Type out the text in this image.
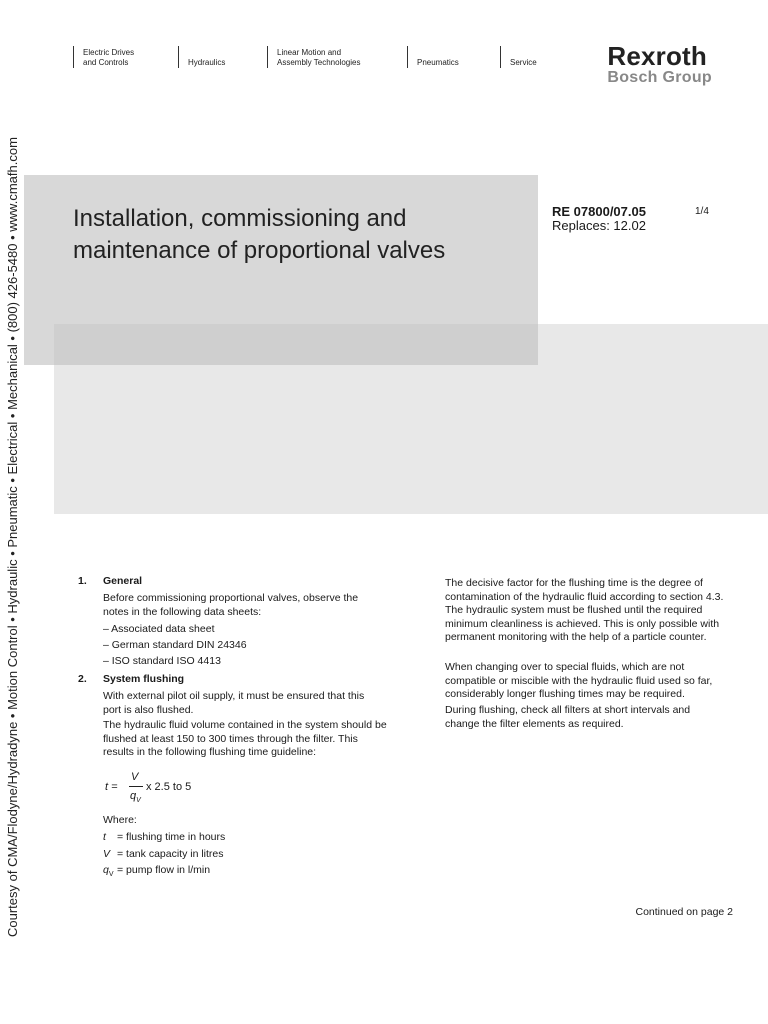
Electric Drives
and Controls	Hydraulics
Linear Motion and
Assembly Technologies	Pneumatics	Service	Rexroth
Bosch Group
Courtesy of CMA/Flodyne/Hydradyne • Motion Control • Hydraulic • Pneumatic • Electrical • Mechanical • (800) 426-5480 • www.cmafh.com Installation, commissioning and maintenance of proportional valves
RE 07800/07.05
Replaces: 12.02
1/4
1. General
Before commissioning proportional valves, observe the notes in the following data sheets:
– Associated data sheet
– German standard DIN 24346
– ISO standard ISO 4413
2. System flushing
With external pilot oil supply, it must be ensured that this port is also flushed.
The hydraulic fluid volume contained in the system should be flushed at least 150 to 300 times through the filter. This results in the following flushing time guideline:
t =
V
$q_V$
x 2.5 to 5
Where:
t = flushing time in hours
V = tank capacity in litres
$q_V$ = pump flow in l/min
The decisive factor for the flushing time is the degree of contamination of the hydraulic fluid according to section 4.3. The hydraulic system must be flushed until the required minimum cleanliness is achieved. This is only possible with permanent monitoring with the help of a particle counter.
When changing over to special fluids, which are not compatible or miscible with the hydraulic fluid used so far, considerably longer flushing times may be required.
During flushing, check all filters at short intervals and change the filter elements as required.
Continued on page 2
